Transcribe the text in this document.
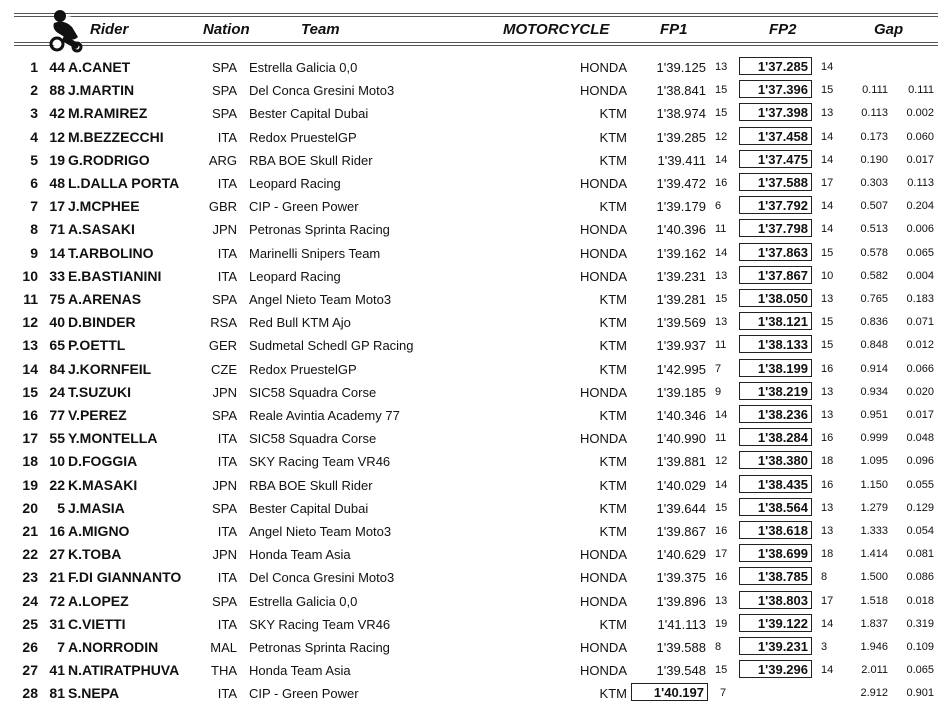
Rider	Nation	Team	MOTORCYCLE	FP1	FP2	Gap
1 44 A.CANET	SPA Estrella Galicia 0,0	HONDA 1'39.125 13	1'37.285	14
2 88 J.MARTIN	SPA Del Conca Gresini Moto3	HONDA 1'38.841 15	1'37.396	15	0.111 0.111
3 42 M.RAMIREZ	SPA Bester Capital Dubai	KTM 1'38.974 15	1'37.398	13	0.113 0.002
4 12 M.BEZZECCHI	ITA Redox PruestelGP	KTM 1'39.285 12	1'37.458	14 0.173 0.060
5 19 G.RODRIGO	ARG RBA BOE Skull Rider	KTM 1'39.411 14	1'37.475	14 0.190 0.017
6 48 L.DALLA PORTA	ITA Leopard Racing	HONDA 1'39.472 16	1'37.588	17 0.303 0.113
7 17 J.MCPHEE	GBR CIP - Green Power	KTM 1'39.179 6	1'37.792	14 0.507 0.204
8 71 A.SASAKI	JPN Petronas Sprinta Racing	HONDA 1'40.396 11	1'37.798	14 0.513 0.006
9 14 T.ARBOLINO	ITA Marinelli Snipers Team	HONDA 1'39.162 14	1'37.863	15 0.578 0.065
10 33 E.BASTIANINI	ITA Leopard Racing	HONDA 1'39.231 13	1'37.867	10 0.582 0.004
11 75 A.ARENAS	SPA Angel Nieto Team Moto3	KTM 1'39.281 15	1'38.050	13 0.765 0.183
12 40 D.BINDER	RSA Red Bull KTM Ajo	KTM 1'39.569 13	1'38.121	15 0.836 0.071
13 65 P.OETTL	GER Sudmetal Schedl GP Racing	KTM 1'39.937 11	1'38.133	15 0.848 0.012
14 84 J.KORNFEIL	CZE Redox PruestelGP	KTM 1'42.995 7	1'38.199	16 0.914 0.066
15 24 T.SUZUKI	JPN SIC58 Squadra Corse	HONDA 1'39.185 9	1'38.219	13 0.934 0.020
16 77 V.PEREZ	SPA Reale Avintia Academy 77	KTM 1'40.346 14	1'38.236	13 0.951 0.017
17 55 Y.MONTELLA	ITA SIC58 Squadra Corse	HONDA 1'40.990 11	1'38.284	16 0.999 0.048
18 10 D.FOGGIA	ITA SKY Racing Team VR46	KTM 1'39.881 12	1'38.380	18 1.095 0.096
19 22 K.MASAKI	JPN RBA BOE Skull Rider	KTM 1'40.029 14	1'38.435	16 1.150 0.055
20 5 J.MASIA	SPA Bester Capital Dubai	KTM 1'39.644 15	1'38.564	13 1.279 0.129
21 16 A.MIGNO	ITA Angel Nieto Team Moto3	KTM 1'39.867 16	1'38.618	13 1.333 0.054
22 27 K.TOBA	JPN Honda Team Asia	HONDA 1'40.629 17	1'38.699	18 1.414 0.081
23 21 F.DI GIANNANTO	ITA Del Conca Gresini Moto3	HONDA 1'39.375 16	1'38.785	8	1.500 0.086
24 72 A.LOPEZ	SPA Estrella Galicia 0,0	HONDA 1'39.896 13	1'38.803	17 1.518 0.018
25 31 C.VIETTI	ITA SKY Racing Team VR46	KTM 1'41.113 19	1'39.122	14 1.837 0.319
26 7 A.NORRODIN	MAL Petronas Sprinta Racing	HONDA 1'39.588 8	1'39.231	3	1.946 0.109
27 41 N.ATIRATPHUVA THA Honda Team Asia	HONDA 1'39.548 15	1'39.296	14	2.011 0.065
28 81 S.NEPA	ITA CIP - Green Power	KTM	1'40.197	7	2.912 0.901
